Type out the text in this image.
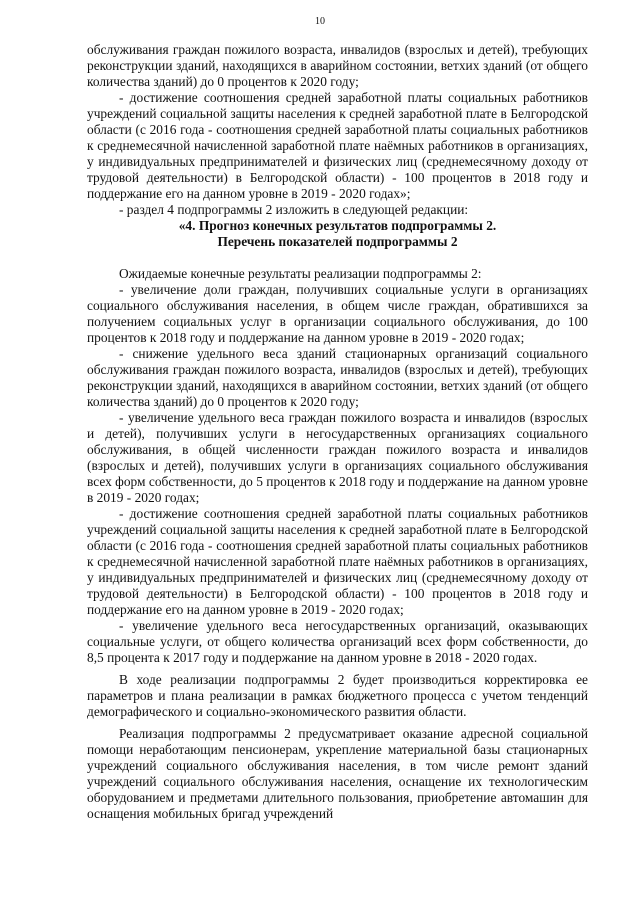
10

обслуживания граждан пожилого возраста, инвалидов (взрослых и детей), требующих реконструкции зданий, находящихся в аварийном состоянии, ветхих зданий (от общего количества зданий) до 0 процентов к 2020 году;

- достижение соотношения средней заработной платы социальных работников учреждений социальной защиты населения к средней заработной плате в Белгородской области (с 2016 года - соотношения средней заработной платы социальных работников к среднемесячной начисленной заработной плате наёмных работников в организациях, у индивидуальных предпринимателей и физических лиц (среднемесячному доходу от трудовой деятельности) в Белгородской области) - 100 процентов в 2018 году и поддержание его на данном уровне в 2019 - 2020 годах»;

- раздел 4 подпрограммы 2 изложить в следующей редакции:

«4. Прогноз конечных результатов подпрограммы 2.

Перечень показателей подпрограммы 2

Ожидаемые конечные результаты реализации подпрограммы 2:

- увеличение доли граждан, получивших социальные услуги в организациях социального обслуживания населения, в общем числе граждан, обратившихся за получением социальных услуг в организации социального обслуживания, до 100 процентов к 2018 году и поддержание на данном уровне в 2019 - 2020 годах;

- снижение удельного веса зданий стационарных организаций социального обслуживания граждан пожилого возраста, инвалидов (взрослых и детей), требующих реконструкции зданий, находящихся в аварийном состоянии, ветхих зданий (от общего количества зданий) до 0 процентов к 2020 году;

- увеличение удельного веса граждан пожилого возраста и инвалидов (взрослых и детей), получивших услуги в негосударственных организациях социального обслуживания, в общей численности граждан пожилого возраста и инвалидов (взрослых и детей), получивших услуги в организациях социального обслуживания всех форм собственности, до 5 процентов к 2018 году и поддержание на данном уровне в 2019 - 2020 годах;

- достижение соотношения средней заработной платы социальных работников учреждений социальной защиты населения к средней заработной плате в Белгородской области (с 2016 года - соотношения средней заработной платы социальных работников к среднемесячной начисленной заработной плате наёмных работников в организациях, у индивидуальных предпринимателей и физических лиц (среднемесячному доходу от трудовой деятельности) в Белгородской области) - 100 процентов в 2018 году и поддержание его на данном уровне в 2019 - 2020 годах;

- увеличение удельного веса негосударственных организаций, оказывающих социальные услуги, от общего количества организаций всех форм собственности, до 8,5 процента к 2017 году и поддержание на данном уровне в 2018 - 2020 годах.

В ходе реализации подпрограммы 2 будет производиться корректировка ее параметров и плана реализации в рамках бюджетного процесса с учетом тенденций демографического и социально-экономического развития области.

Реализация подпрограммы 2 предусматривает оказание адресной социальной помощи неработающим пенсионерам, укрепление материальной базы стационарных учреждений социального обслуживания населения, в том числе ремонт зданий учреждений социального обслуживания населения, оснащение их технологическим оборудованием и предметами длительного пользования, приобретение автомашин для оснащения мобильных бригад учреждений
